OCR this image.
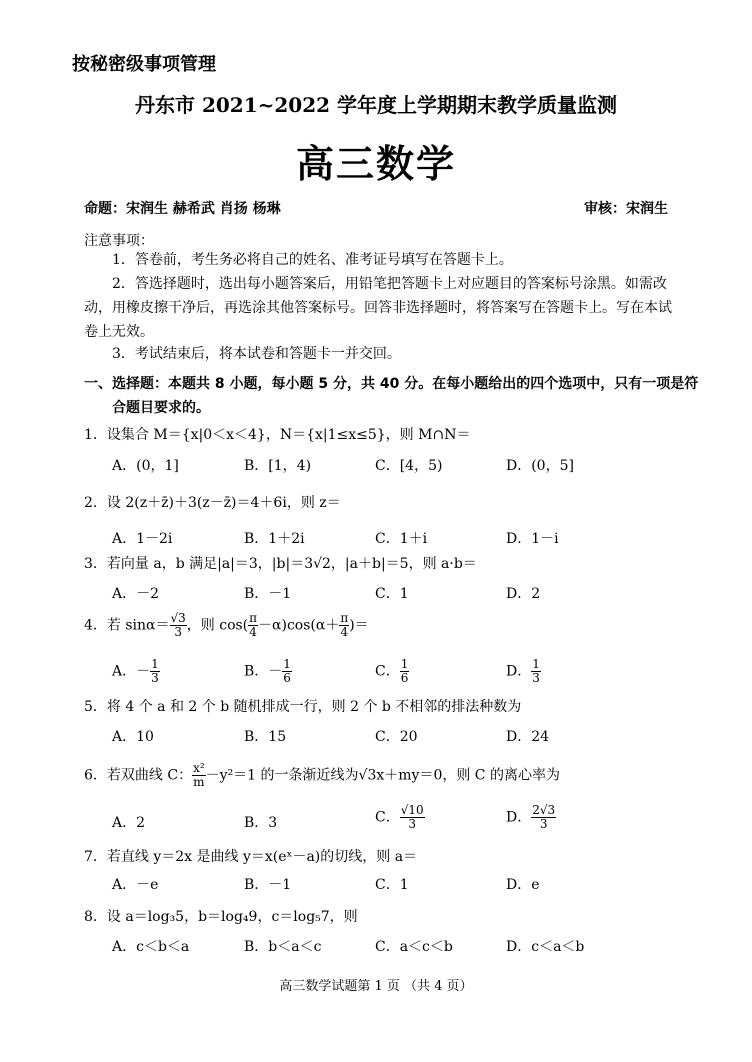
按秘密级事项管理
丹东市 2021~2022 学年度上学期期末教学质量监测
高三数学
命题：宋润生 赫希武 肖扬 杨琳	审核：宋润生
注意事项：
1．答卷前，考生务必将自己的姓名、准考证号填写在答题卡上。
2．答选择题时，选出每小题答案后，用铅笔把答题卡上对应题目的答案标号涂黑。如需改动，用橡皮擦干净后，再选涂其他答案标号。回答非选择题时，将答案写在答题卡上。写在本试卷上无效。
3．考试结束后，将本试卷和答题卡一并交回。
一、选择题：本题共 8 小题，每小题 5 分，共 40 分。在每小题给出的四个选项中，只有一项是符合题目要求的。
1．设集合 M＝{x|0＜x＜4}，N＝{x|1≤x≤5}，则 M∩N＝
A．(0，1]	B．[1，4)	C．[4，5)	D．(0，5]
2．设 2(z＋z̄)＋3(z－z̄)＝4＋6i，则 z＝
A．1－2i	B．1＋2i	C．1＋i	D．1－i
3．若向量 a，b 满足|a|＝3，|b|＝3√2，|a＋b|＝5，则 a·b＝
A．－2	B．－1	C．1	D．2
4．若 $\sin\alpha= \frac{√3}{3}$ ，则 $\cos( \frac{\pi}{4} -\alpha)\cos(\alpha+ \frac{\pi}{4}$ )＝
A．－ $\frac{1}{3}$	B．－ $\frac{1}{6}$	C． $\frac{1}{6}$	D． $\frac{1}{3}$
5．将 4 个 a 和 2 个 b 随机排成一行，则 2 个 b 不相邻的排法种数为
A．10	B．15	C．20	D．24
6．若双曲线 C： $\frac{\text{x²}}{m} -y^2=1$ 的一条渐近线为√3x＋my＝0，则 C 的离心率为
A．2	B．3	C． $\frac{√10}{3}$	D． $\frac{2√3}{3}$
7．若直线 y＝2x 是曲线 y＝x(eˣ－a)的切线，则 a＝
A．－e	B．－1	C．1	D．e
8．设 a＝log₃5，b＝log₄9，c＝log₅7，则
A．c＜b＜a	B．b＜a＜c	C．a＜c＜b	D．c＜a＜b
高三数学试题第 1 页 （共 4 页）
